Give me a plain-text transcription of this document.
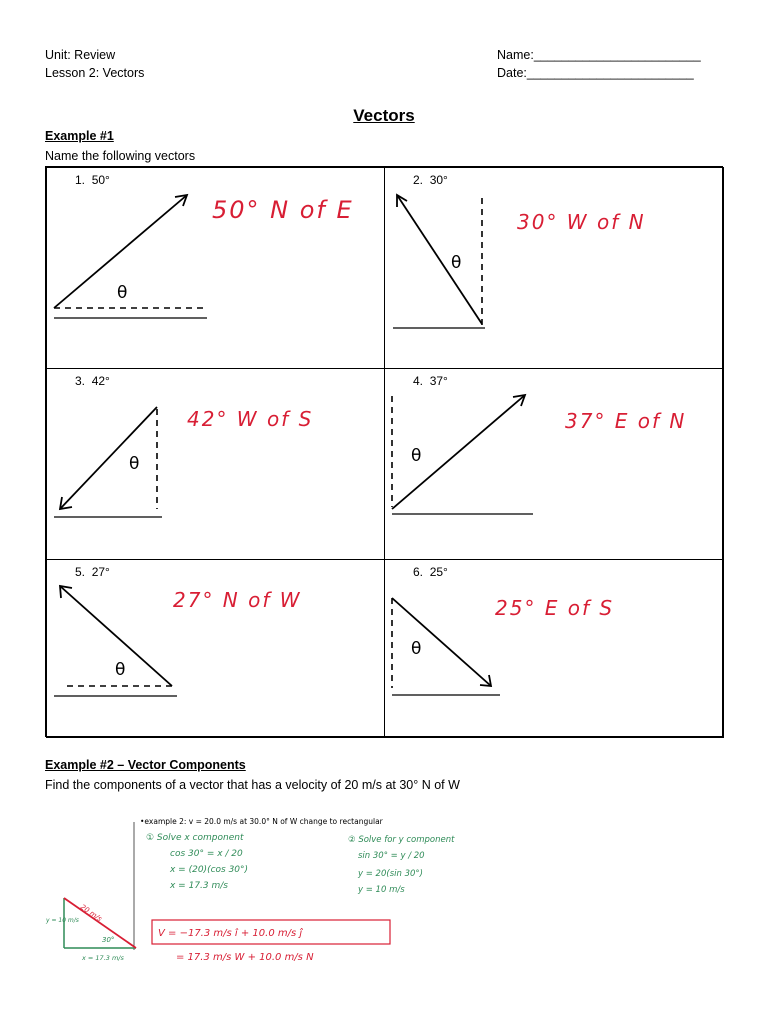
Unit: Review
Lesson 2: Vectors
Name:________________________
Date:________________________
Vectors
Example #1
Name the following vectors
1. 50°
θ
50° N of E
2. 30°
θ
30° W of N
3. 42°
θ
42° W of S
4. 37°
θ
37° E of N
5. 27°
θ
27° N of W
6. 25°
θ
25° E of S
Example #2 – Vector Components
Find the components of a vector that has a velocity of 20 m/s at 30° N of W
•example 2: v = 20.0 m/s at 30.0° N of W change to rectangular
① Solve x component
cos 30° = x / 20
x = (20)(cos 30°)
x = 17.3 m/s
② Solve for y component
sin 30° = y / 20
y = 20(sin 30°)
y = 10 m/s
V = −17.3 m/s î + 10.0 m/s ĵ
= 17.3 m/s W + 10.0 m/s N
20 m/s
30°
y = 10 m/s
x = 17.3 m/s
